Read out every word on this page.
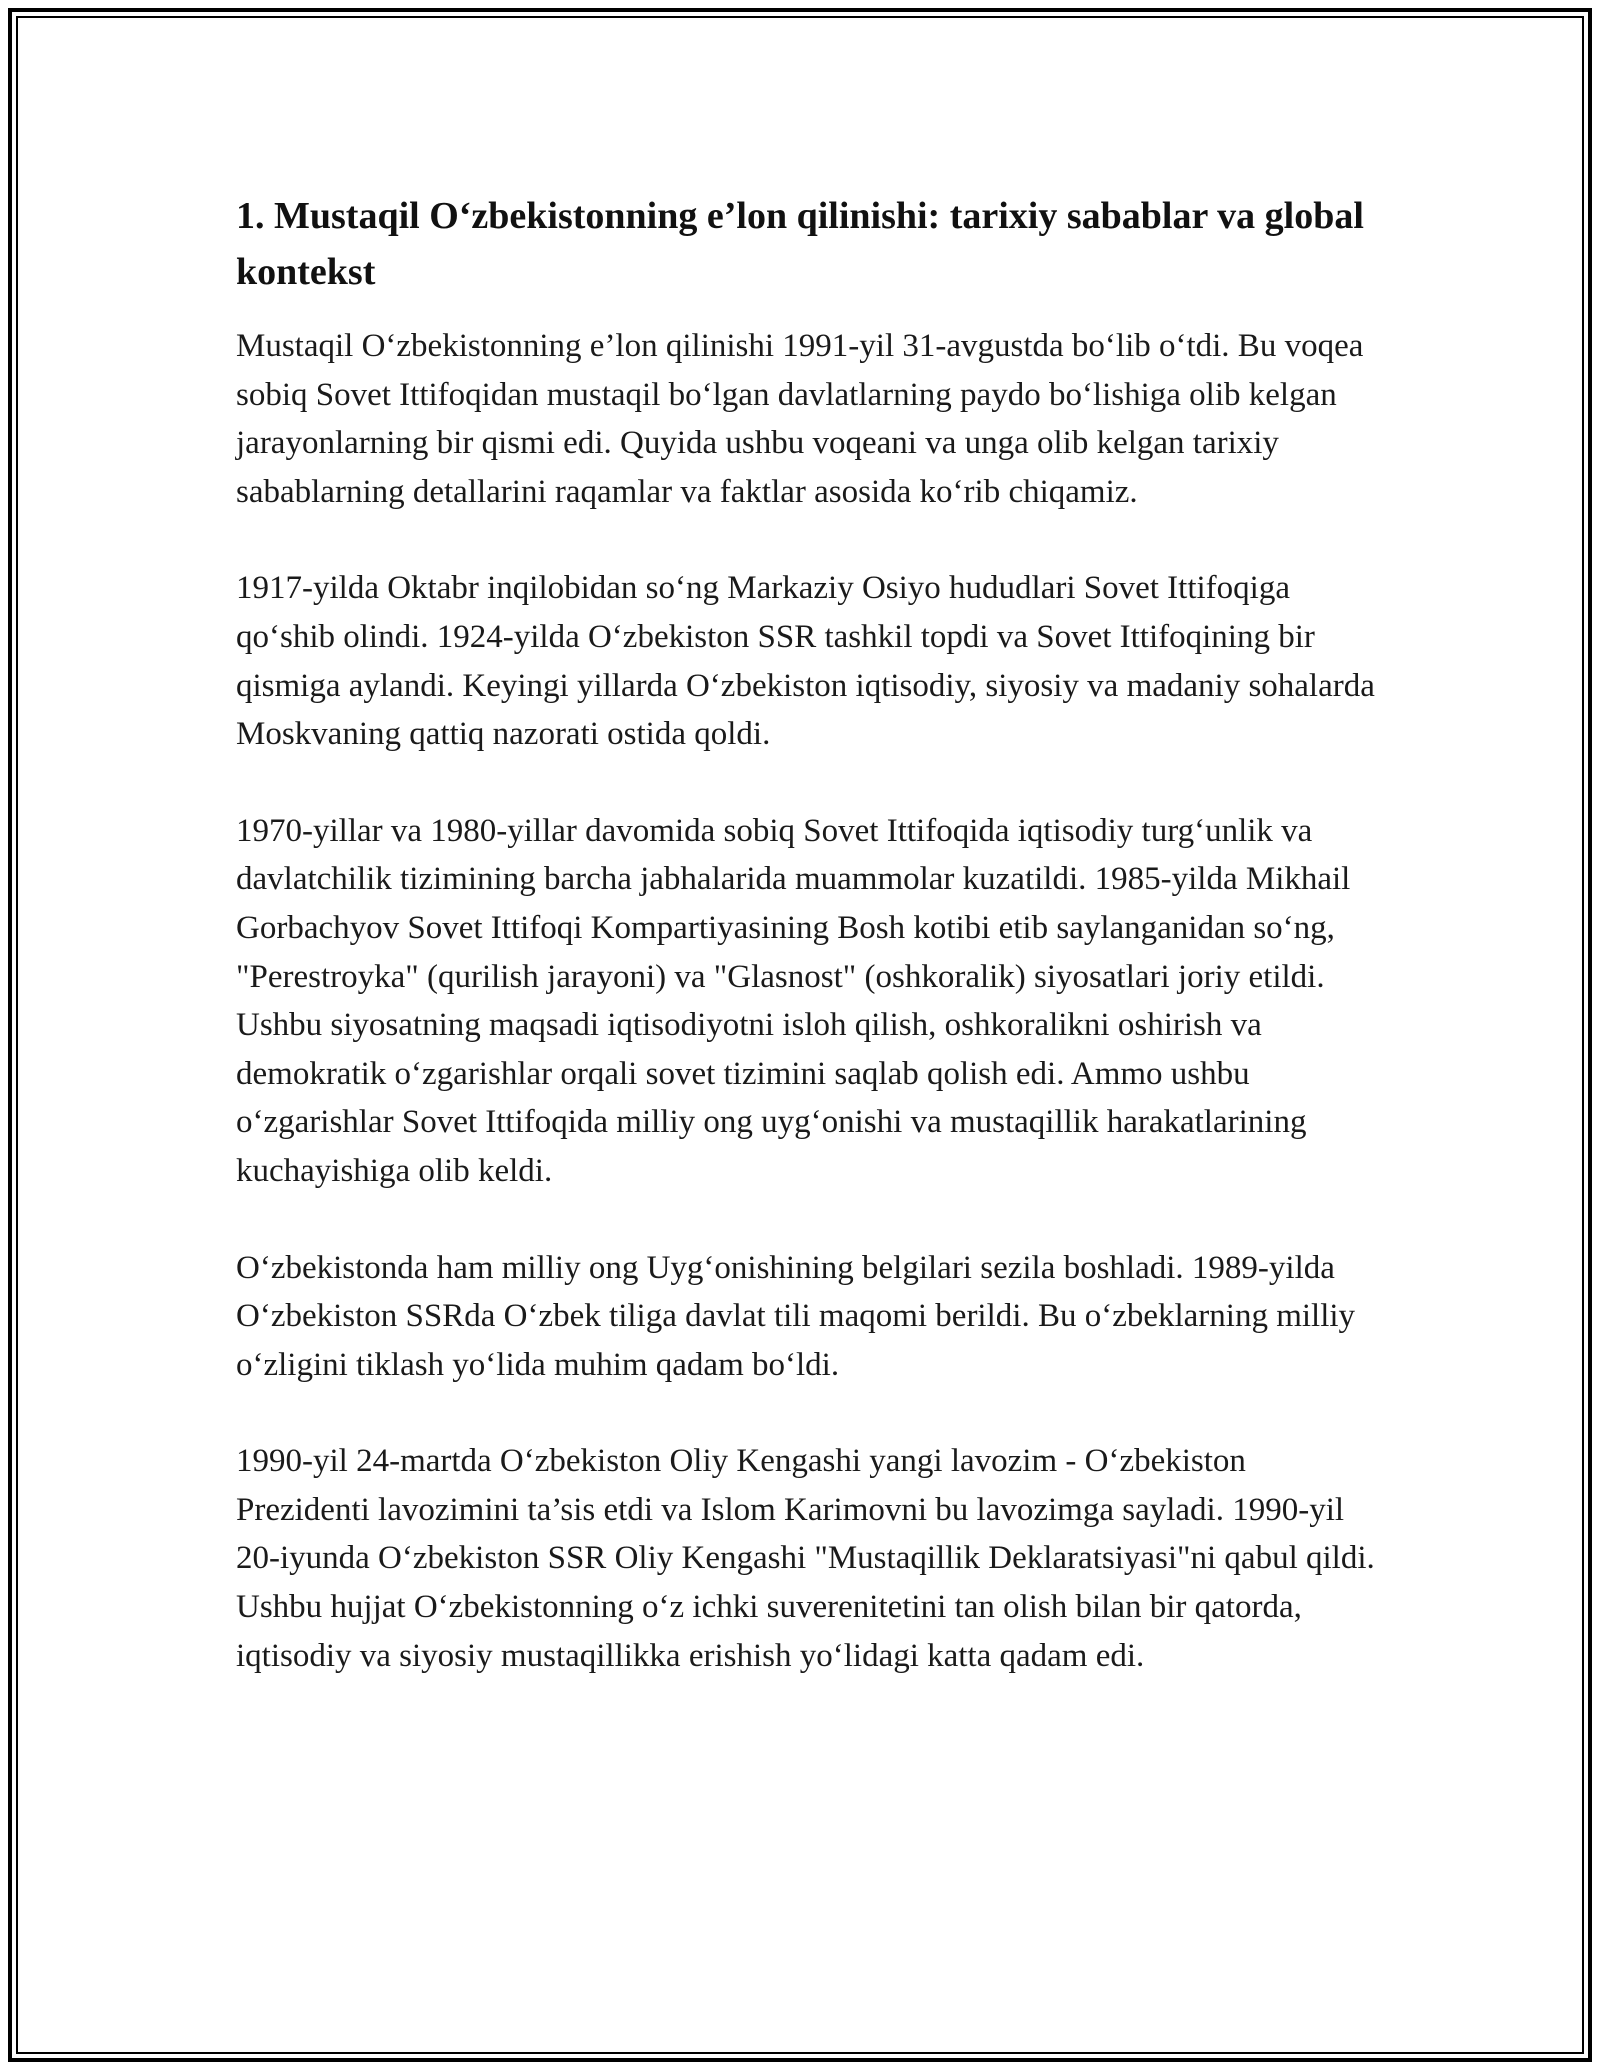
1. Mustaqil O‘zbekistonning e’lon qilinishi: tarixiy sabablar va global kontekst

Mustaqil O‘zbekistonning e’lon qilinishi 1991-yil 31-avgustda bo‘lib o‘tdi. Bu voqea sobiq Sovet Ittifoqidan mustaqil bo‘lgan davlatlarning paydo bo‘lishiga olib kelgan jarayonlarning bir qismi edi. Quyida ushbu voqeani va unga olib kelgan tarixiy sabablarning detallarini raqamlar va faktlar asosida ko‘rib chiqamiz.

1917-yilda Oktabr inqilobidan so‘ng Markaziy Osiyo hududlari Sovet Ittifoqiga qo‘shib olindi. 1924-yilda O‘zbekiston SSR tashkil topdi va Sovet Ittifoqining bir qismiga aylandi. Keyingi yillarda O‘zbekiston iqtisodiy, siyosiy va madaniy sohalarda Moskvaning qattiq nazorati ostida qoldi.

1970-yillar va 1980-yillar davomida sobiq Sovet Ittifoqida iqtisodiy turg‘unlik va davlatchilik tizimining barcha jabhalarida muammolar kuzatildi. 1985-yilda Mikhail Gorbachyov Sovet Ittifoqi Kompartiyasining Bosh kotibi etib saylanganidan so‘ng, "Perestroyka" (qurilish jarayoni) va "Glasnost" (oshkoralik) siyosatlari joriy etildi. Ushbu siyosatning maqsadi iqtisodiyotni isloh qilish, oshkoralikni oshirish va demokratik o‘zgarishlar orqali sovet tizimini saqlab qolish edi. Ammo ushbu o‘zgarishlar Sovet Ittifoqida milliy ong uyg‘onishi va mustaqillik harakatlarining kuchayishiga olib keldi.

O‘zbekistonda ham milliy ong Uyg‘onishining belgilari sezila boshladi. 1989-yilda O‘zbekiston SSRda O‘zbek tiliga davlat tili maqomi berildi. Bu o‘zbeklarning milliy o‘zligini tiklash yo‘lida muhim qadam bo‘ldi.

1990-yil 24-martda O‘zbekiston Oliy Kengashi yangi lavozim - O‘zbekiston Prezidenti lavozimini ta’sis etdi va Islom Karimovni bu lavozimga sayladi. 1990-yil 20-iyunda O‘zbekiston SSR Oliy Kengashi "Mustaqillik Deklaratsiyasi"ni qabul qildi. Ushbu hujjat O‘zbekistonning o‘z ichki suverenitetini tan olish bilan bir qatorda, iqtisodiy va siyosiy mustaqillikka erishish yo‘lidagi katta qadam edi.
